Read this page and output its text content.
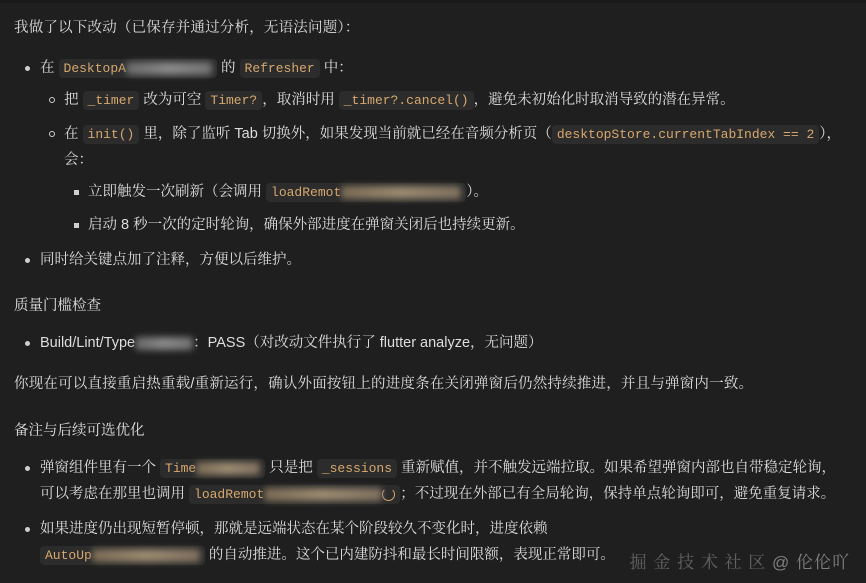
我做了以下改动（已保存并通过分析，无语法问题）：

在 DesktopA	的 Refresher 中：
把 _timer 改为可空 Timer? ，取消时用 _timer?.cancel() ，避免未初始化时取消导致的潜在异常。
在 init() 里，除了监听 Tab 切换外，如果发现当前就已经在音频分析页（ desktopStore.currentTabIndex == 2 ），会：
立即触发一次刷新（会调用 loadRemot	）。
启动 8 秒一次的定时轮询，确保外部进度在弹窗关闭后也持续更新。
同时给关键点加了注释，方便以后维护。

质量门槛检查

Build/Lint/Type	：PASS（对改动文件执行了 flutter analyze，无问题）

你现在可以直接重启热重载/重新运行，确认外面按钮上的进度条在关闭弹窗后仍然持续推进，并且与弹窗内一致。

备注与后续可选优化

弹窗组件里有一个 Time	只是把 _sessions 重新赋值，并不触发远端拉取。如果希望弹窗内部也自带稳定轮询，可以考虑在那里也调用 loadRemot	；不过现在外部已有全局轮询，保持单点轮询即可，避免重复请求。
如果进度仍出现短暂停顿，那就是远端状态在某个阶段较久不变化时，进度依赖
AutoUp	的自动推进。这个已内建防抖和最长时间限额，表现正常即可。 掘 金 技 术 社 区 @ 伦伦吖
